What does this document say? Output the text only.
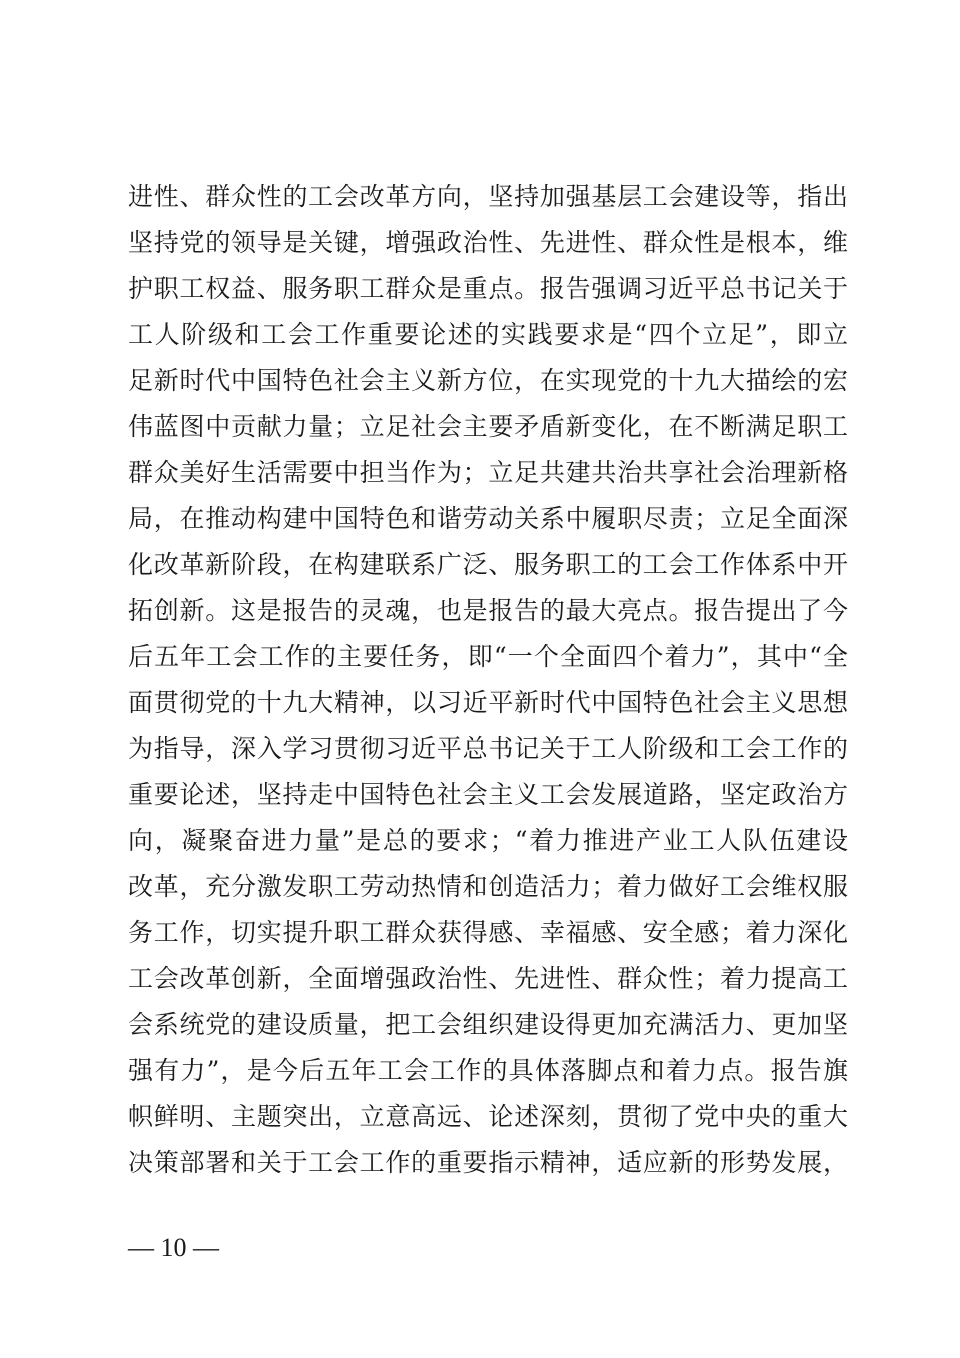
进性、群众性的工会改革方向，坚持加强基层工会建设等，指出
坚持党的领导是关键，增强政治性、先进性、群众性是根本，维
护职工权益、服务职工群众是重点。报告强调习近平总书记关于
工人阶级和工会工作重要论述的实践要求是“四个立足”，即立
足新时代中国特色社会主义新方位，在实现党的十九大描绘的宏
伟蓝图中贡献力量；立足社会主要矛盾新变化，在不断满足职工
群众美好生活需要中担当作为；立足共建共治共享社会治理新格
局，在推动构建中国特色和谐劳动关系中履职尽责；立足全面深
化改革新阶段，在构建联系广泛、服务职工的工会工作体系中开
拓创新。这是报告的灵魂，也是报告的最大亮点。报告提出了今
后五年工会工作的主要任务，即“一个全面四个着力”，其中“全
面贯彻党的十九大精神，以习近平新时代中国特色社会主义思想
为指导，深入学习贯彻习近平总书记关于工人阶级和工会工作的
重要论述，坚持走中国特色社会主义工会发展道路，坚定政治方
向，凝聚奋进力量”是总的要求；“着力推进产业工人队伍建设
改革，充分激发职工劳动热情和创造活力；着力做好工会维权服
务工作，切实提升职工群众获得感、幸福感、安全感；着力深化
工会改革创新，全面增强政治性、先进性、群众性；着力提高工
会系统党的建设质量，把工会组织建设得更加充满活力、更加坚
强有力”，是今后五年工会工作的具体落脚点和着力点。报告旗
帜鲜明、主题突出，立意高远、论述深刻，贯彻了党中央的重大
决策部署和关于工会工作的重要指示精神，适应新的形势发展，
— 10 —
